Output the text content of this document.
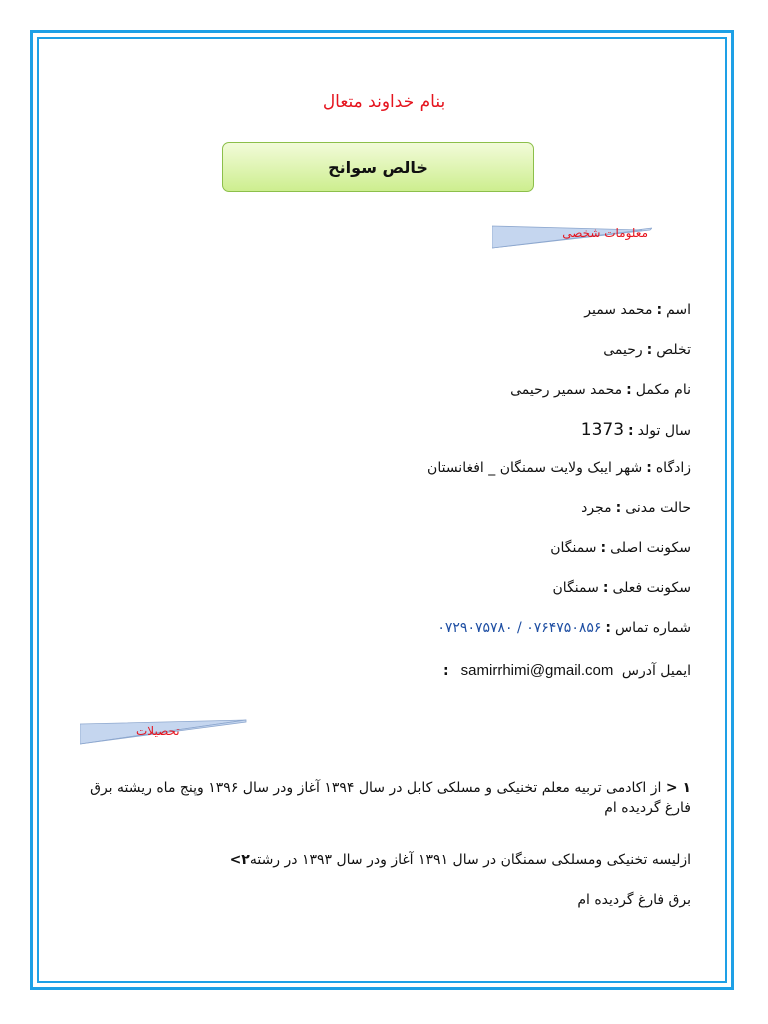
بنام خداوند متعال
خالص سوانح
معلومات شخصی
اسم:محمد سمیر
تخلص:رحیمی
نام مکمل:محمد سمیر رحیمی
سال تولد:1373
زادگاه:شهر ایبک ولایت سمنگان _ افغانستان
حالت مدنی:مجرد
سکونت اصلی:سمنگان
سکونت فعلی:سمنگان
شماره تماس:۰۷۶۴۷۵۰۸۵۶ / ۰۷۲۹۰۷۵۷۸۰
ایمیل آدرس samirrhimi@gmail.com:
تحصیلات
۱ < از اکادمی تربیه معلم تخنیکی و مسلکی کابل در سال ۱۳۹۴ آغاز ودر سال ۱۳۹۶ وپنج ماه ریشته برق فارغ گردیده ام
ازلیسه تخنیکی ومسلکی سمنگان در سال ۱۳۹۱ آغاز ودر سال ۱۳۹۳ در رشته۲>
برق فارغ گردیده ام
